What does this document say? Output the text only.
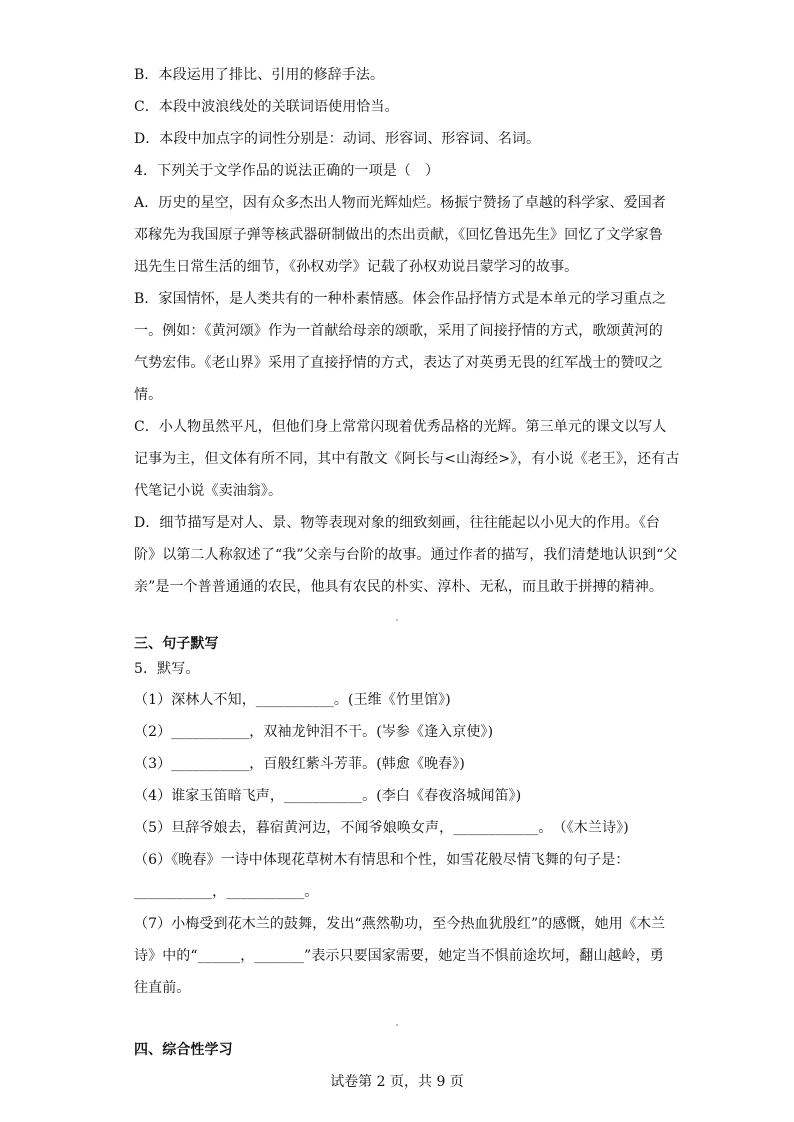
B．本段运用了排比、引用的修辞手法。
C．本段中波浪线处的关联词语使用恰当。
D．本段中加点字的词性分别是：动词、形容词、形容词、名词。
4．下列关于文学作品的说法正确的一项是（　）
A．历史的星空，因有众多杰出人物而光辉灿烂。杨振宁赞扬了卓越的科学家、爱国者
邓稼先为我国原子弹等核武器研制做出的杰出贡献，《回忆鲁迅先生》回忆了文学家鲁
迅先生日常生活的细节，《孙权劝学》记载了孙权劝说吕蒙学习的故事。
B．家国情怀，是人类共有的一种朴素情感。体会作品抒情方式是本单元的学习重点之
一。例如：《黄河颂》作为一首献给母亲的颂歌，采用了间接抒情的方式，歌颂黄河的
气势宏伟。《老山界》采用了直接抒情的方式，表达了对英勇无畏的红军战士的赞叹之
情。
C．小人物虽然平凡，但他们身上常常闪现着优秀品格的光辉。第三单元的课文以写人
记事为主，但文体有所不同，其中有散文《阿长与<山海经>》，有小说《老王》，还有古
代笔记小说《卖油翁》。
D．细节描写是对人、景、物等表现对象的细致刻画，往往能起以小见大的作用。《台
阶》以第二人称叙述了“我”父亲与台阶的故事。通过作者的描写，我们清楚地认识到“父
亲”是一个普普通通的农民，他具有农民的朴实、淳朴、无私，而且敢于拼搏的精神。
三、句子默写
5．默写。
（1）深林人不知，___________。(王维《竹里馆》)
（2）___________，双袖龙钟泪不干。(岑参《逢入京使》)
（3）___________，百般红紫斗芳菲。(韩愈《晚春》)
（4）谁家玉笛暗飞声，___________。(李白《春夜洛城闻笛》)
（5）旦辞爷娘去，暮宿黄河边，不闻爷娘唤女声，____________。　（《木兰诗》)
（6）《晚春》一诗中体现花草树木有情思和个性，如雪花般尽情飞舞的句子是：
___________，___________。
（7）小梅受到花木兰的鼓舞，发出“燕然勒功，至今热血犹殷红”的感慨，她用《木兰
诗》中的“______，_______”表示只要国家需要，她定当不惧前途坎坷，翻山越岭，勇
往直前。
四、综合性学习
试卷第 2 页，共 9 页
